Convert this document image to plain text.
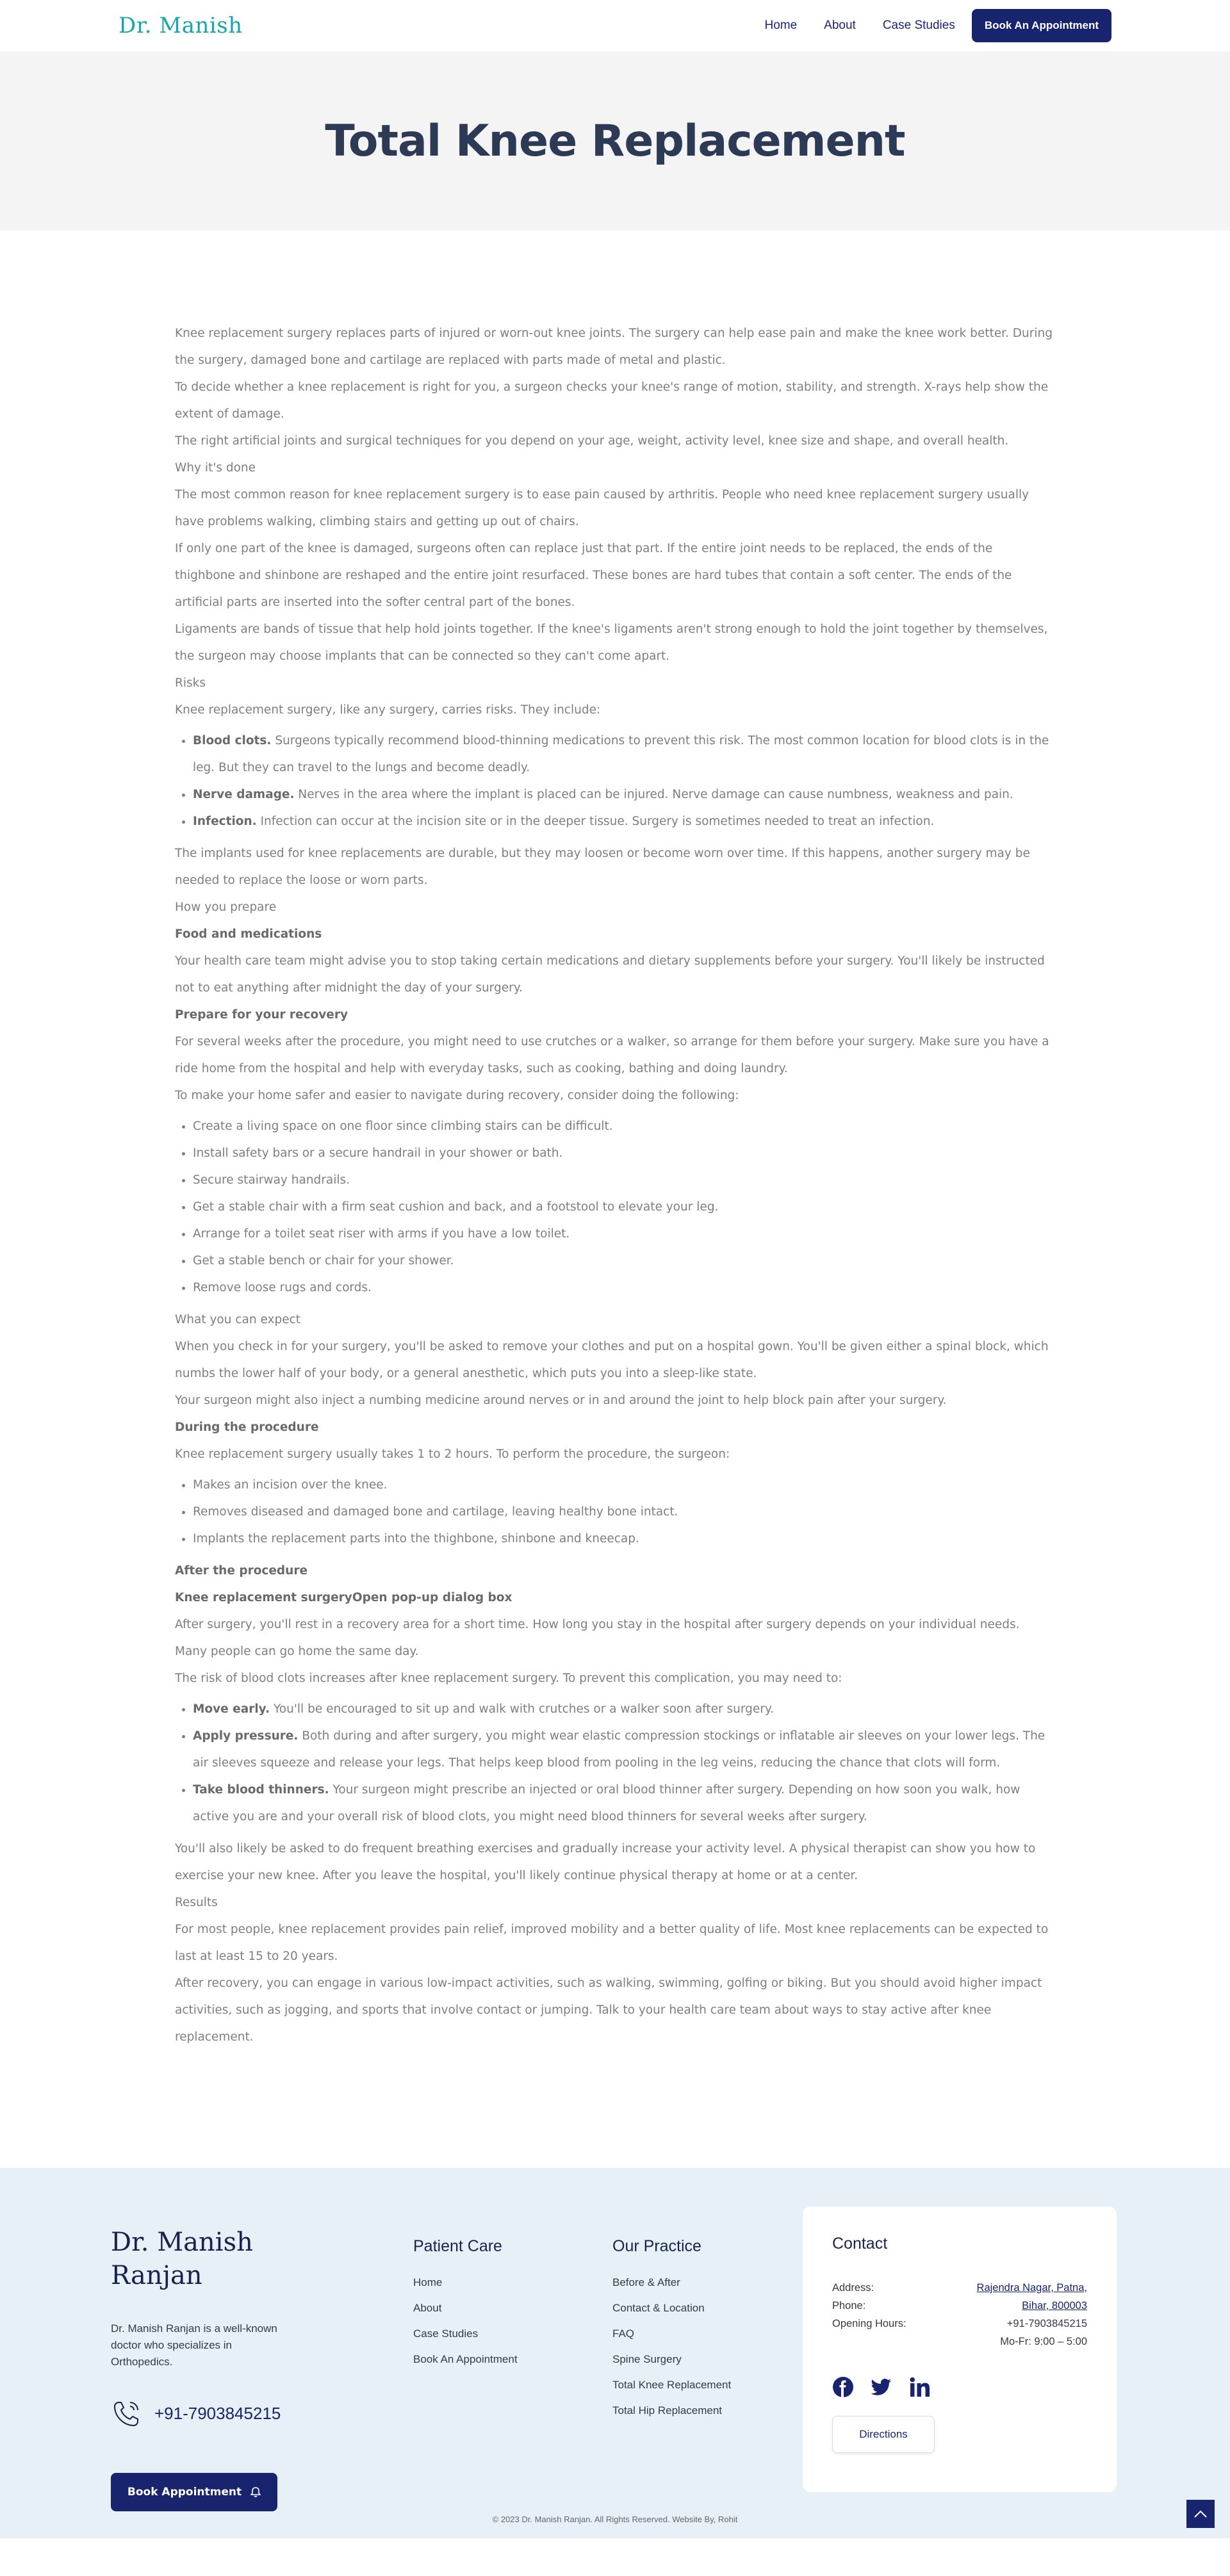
Dr. Manish	Home About Case Studies	Book An Appointment
Total Knee Replacement

Knee replacement surgery replaces parts of injured or worn-out knee joints. The surgery can help ease pain and make the knee work better. During the surgery, damaged bone and cartilage are replaced with parts made of metal and plastic.

To decide whether a knee replacement is right for you, a surgeon checks your knee's range of motion, stability, and strength. X-rays help show the extent of damage.

The right artificial joints and surgical techniques for you depend on your age, weight, activity level, knee size and shape, and overall health.

Why it's done

The most common reason for knee replacement surgery is to ease pain caused by arthritis. People who need knee replacement surgery usually have problems walking, climbing stairs and getting up out of chairs.

If only one part of the knee is damaged, surgeons often can replace just that part. If the entire joint needs to be replaced, the ends of the thighbone and shinbone are reshaped and the entire joint resurfaced. These bones are hard tubes that contain a soft center. The ends of the artificial parts are inserted into the softer central part of the bones.

Ligaments are bands of tissue that help hold joints together. If the knee's ligaments aren't strong enough to hold the joint together by themselves, the surgeon may choose implants that can be connected so they can't come apart.

Risks

Knee replacement surgery, like any surgery, carries risks. They include:

• Blood clots. Surgeons typically recommend blood-thinning medications to prevent this risk. The most common location for blood clots is in the leg. But they can travel to the lungs and become deadly.
• Nerve damage. Nerves in the area where the implant is placed can be injured. Nerve damage can cause numbness, weakness and pain.
• Infection. Infection can occur at the incision site or in the deeper tissue. Surgery is sometimes needed to treat an infection.

The implants used for knee replacements are durable, but they may loosen or become worn over time. If this happens, another surgery may be needed to replace the loose or worn parts.

How you prepare

Food and medications

Your health care team might advise you to stop taking certain medications and dietary supplements before your surgery. You'll likely be instructed not to eat anything after midnight the day of your surgery.

Prepare for your recovery

For several weeks after the procedure, you might need to use crutches or a walker, so arrange for them before your surgery. Make sure you have a ride home from the hospital and help with everyday tasks, such as cooking, bathing and doing laundry.

To make your home safer and easier to navigate during recovery, consider doing the following:

• Create a living space on one floor since climbing stairs can be difficult.
• Install safety bars or a secure handrail in your shower or bath.
• Secure stairway handrails.
• Get a stable chair with a firm seat cushion and back, and a footstool to elevate your leg.
• Arrange for a toilet seat riser with arms if you have a low toilet.
• Get a stable bench or chair for your shower.
• Remove loose rugs and cords.

What you can expect

When you check in for your surgery, you'll be asked to remove your clothes and put on a hospital gown. You'll be given either a spinal block, which numbs the lower half of your body, or a general anesthetic, which puts you into a sleep-like state.

Your surgeon might also inject a numbing medicine around nerves or in and around the joint to help block pain after your surgery.

During the procedure

Knee replacement surgery usually takes 1 to 2 hours. To perform the procedure, the surgeon:

• Makes an incision over the knee.
• Removes diseased and damaged bone and cartilage, leaving healthy bone intact.
• Implants the replacement parts into the thighbone, shinbone and kneecap.

After the procedure

Knee replacement surgeryOpen pop-up dialog box

After surgery, you'll rest in a recovery area for a short time. How long you stay in the hospital after surgery depends on your individual needs. Many people can go home the same day.

The risk of blood clots increases after knee replacement surgery. To prevent this complication, you may need to:

• Move early. You'll be encouraged to sit up and walk with crutches or a walker soon after surgery.
• Apply pressure. Both during and after surgery, you might wear elastic compression stockings or inflatable air sleeves on your lower legs. The air sleeves squeeze and release your legs. That helps keep blood from pooling in the leg veins, reducing the chance that clots will form.
• Take blood thinners. Your surgeon might prescribe an injected or oral blood thinner after surgery. Depending on how soon you walk, how active you are and your overall risk of blood clots, you might need blood thinners for several weeks after surgery.

You'll also likely be asked to do frequent breathing exercises and gradually increase your activity level. A physical therapist can show you how to exercise your new knee. After you leave the hospital, you'll likely continue physical therapy at home or at a center.

Results

For most people, knee replacement provides pain relief, improved mobility and a better quality of life. Most knee replacements can be expected to last at least 15 to 20 years.

After recovery, you can engage in various low-impact activities, such as walking, swimming, golfing or biking. But you should avoid higher impact activities, such as jogging, and sports that involve contact or jumping. Talk to your health care team about ways to stay active after knee replacement.

Dr. Manish
Ranjan
Dr. Manish Ranjan is a well-known doctor who specializes in Orthopedics.
+91-7903845215
Book Appointment
Patient Care
Home
About
Case Studies
Book An Appointment
Our Practice
Before & After
Contact & Location
FAQ
Spine Surgery
Total Knee Replacement
Total Hip Replacement
Contact
Address:
Phone:
Opening Hours:
Rajendra Nagar, Patna,
Bihar, 800003
+91-7903845215
Mo-Fr: 9:00 – 5:00
Directions
© 2023 Dr. Manish Ranjan. All Rights Reserved. Website By, Rohit
